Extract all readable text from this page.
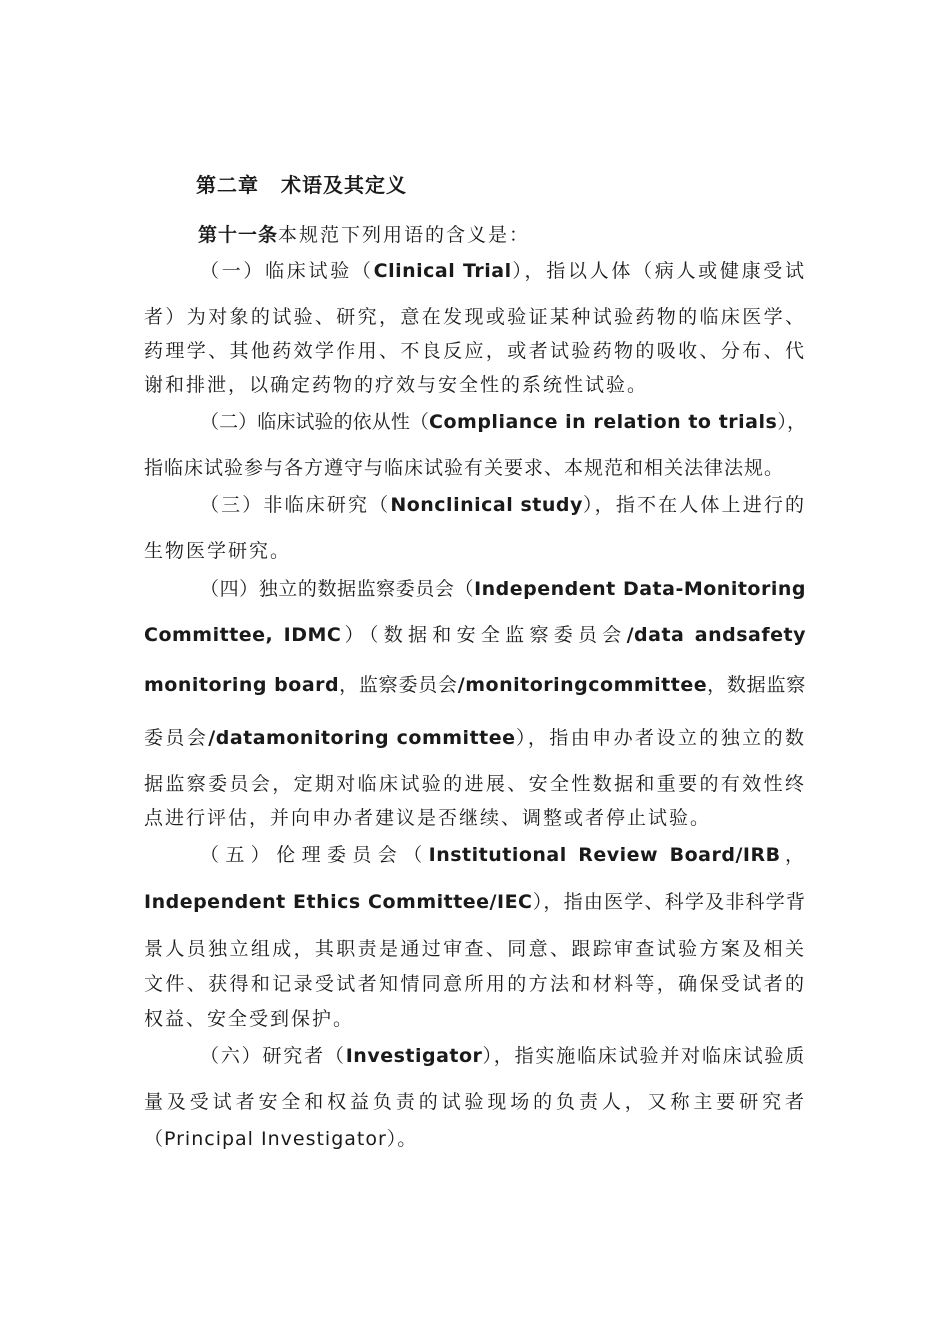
第二章 术语及其定义
第十一条本规范下列用语的含义是：
（一）临床试验（Clinical Trial），指以人体（病人或健康受试
者）为对象的试验、研究，意在发现或验证某种试验药物的临床医学、
药理学、其他药效学作用、不良反应，或者试验药物的吸收、分布、代
谢和排泄，以确定药物的疗效与安全性的系统性试验。
（二）临床试验的依从性（Compliance in relation to trials），
指临床试验参与各方遵守与临床试验有关要求、本规范和相关法律法规。
（三）非临床研究（Nonclinical study），指不在人体上进行的
生物医学研究。
（四）独立的数据监察委员会（Independent Data-Monitoring
Committee, IDMC）（数据和安全监察委员会/data andsafety
monitoring board，监察委员会/monitoringcommittee，数据监察
委员会/datamonitoring committee），指由申办者设立的独立的数
据监察委员会，定期对临床试验的进展、安全性数据和重要的有效性终
点进行评估，并向申办者建议是否继续、调整或者停止试验。
（五）伦理委员会（Institutional Review Board/IRB，
Independent Ethics Committee/IEC），指由医学、科学及非科学背
景人员独立组成，其职责是通过审查、同意、跟踪审查试验方案及相关
文件、获得和记录受试者知情同意所用的方法和材料等，确保受试者的
权益、安全受到保护。
（六）研究者（Investigator），指实施临床试验并对临床试验质
量及受试者安全和权益负责的试验现场的负责人，又称主要研究者
（Principal Investigator）。
